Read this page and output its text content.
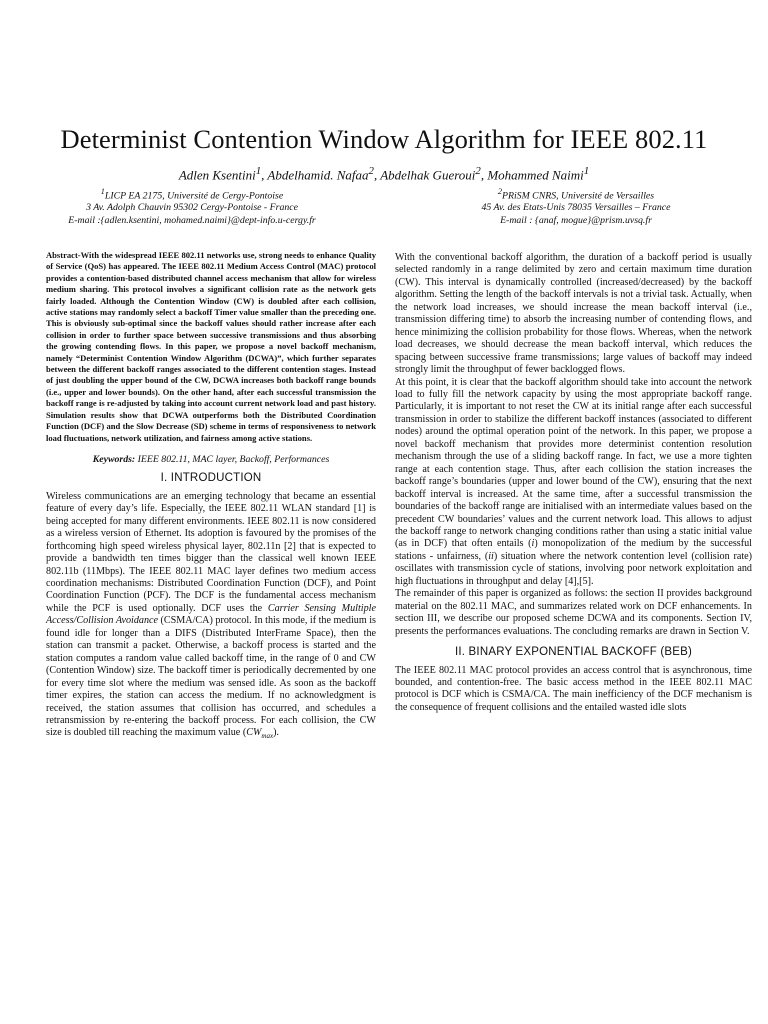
Determinist Contention Window Algorithm for IEEE 802.11
Adlen Ksentini$^1$, Abdelhamid. Nafaa$^2$, Abdelhak Gueroui$^2$, Mohammed Naimi$^1$
$^1$LICP EA 2175, Université de Cergy-Pontoise
3 Av. Adolph Chauvin 95302 Cergy-Pontoise - France
E-mail :{adlen.ksentini, mohamed.naimi}@dept-info.u-cergy.fr
$^2$PRiSM CNRS, Université de Versailles
45 Av. des Etats-Unis 78035 Versailles – France
E-mail : {anaf, mogue}@prism.uvsq.fr

Abstract-With the widespread IEEE 802.11 networks use, strong needs to enhance Quality of Service (QoS) has appeared. The IEEE 802.11 Medium Access Control (MAC) protocol provides a contention-based distributed channel access mechanism that allow for wireless medium sharing. This protocol involves a significant collision rate as the network gets fairly loaded. Although the Contention Window (CW) is doubled after each collision, active stations may randomly select a backoff Timer value smaller than the preceding one. This is obviously sub-optimal since the backoff values should rather increase after each collision in order to further space between successive transmissions and thus absorbing the growing contending flows. In this paper, we propose a novel backoff mechanism, namely “Determinist Contention Window Algorithm (DCWA)”, which further separates between the different backoff ranges associated to the different contention stages. Instead of just doubling the upper bound of the CW, DCWA increases both backoff range bounds (i.e., upper and lower bounds). On the other hand, after each successful transmission the backoff range is re-adjusted by taking into account current network load and past history. Simulation results show that DCWA outperforms both the Distributed Coordination Function (DCF) and the Slow Decrease (SD) scheme in terms of responsiveness to network load fluctuations, network utilization, and fairness among active stations.

Keywords: IEEE 802.11, MAC layer, Backoff, Performances
I. INTRODUCTION

Wireless communications are an emerging technology that became an essential feature of every day’s life. Especially, the IEEE 802.11 WLAN standard [1] is being accepted for many different environments. IEEE 802.11 is now considered as a wireless version of Ethernet. Its adoption is favoured by the promises of the forthcoming high speed wireless physical layer, 802.11n [2] that is expected to provide a bandwidth ten times bigger than the classical well known IEEE 802.11b (11Mbps). The IEEE 802.11 MAC layer defines two medium access coordination mechanisms: Distributed Coordination Function (DCF), and Point Coordination Function (PCF). The DCF is the fundamental access mechanism while the PCF is used optionally. DCF uses the Carrier Sensing Multiple Access/Collision Avoidance (CSMA/CA) protocol. In this mode, if the medium is found idle for longer than a DIFS (Distributed InterFrame Space), then the station can transmit a packet. Otherwise, a backoff process is started and the station computes a random value called backoff time, in the range of 0 and CW (Contention Window) size. The backoff timer is periodically decremented by one for every time slot where the medium was sensed idle. As soon as the backoff timer expires, the station can access the medium. If no acknowledgment is received, the station assumes that collision has occurred, and schedules a retransmission by re-entering the backoff process. For each collision, the CW size is doubled till reaching the maximum value $(CW_{max})$.

With the conventional backoff algorithm, the duration of a backoff period is usually selected randomly in a range delimited by zero and certain maximum time duration (CW). This interval is dynamically controlled (increased/decreased) by the backoff algorithm. Setting the length of the backoff intervals is not a trivial task. Actually, when the network load increases, we should increase the mean backoff interval (i.e., transmission differing time) to absorb the increasing number of contending flows, and hence minimizing the collision probability for those flows. Whereas, when the network load decreases, we should decrease the mean backoff interval, which reduces the spacing between successive frame transmissions; large values of backoff may indeed strongly limit the throughput of fewer backlogged flows.

At this point, it is clear that the backoff algorithm should take into account the network load to fully fill the network capacity by using the most appropriate backoff range. Particularly, it is important to not reset the CW at its initial range after each successful transmission in order to stabilize the different backoff instances (associated to different nodes) around the optimal operation point of the network. In this paper, we propose a novel backoff mechanism that provides more determinist contention resolution mechanism through the use of a sliding backoff range. In fact, we use a more tighten range at each contention stage. Thus, after each collision the station increases the backoff range’s boundaries (upper and lower bound of the CW), ensuring that the next backoff interval is increased. At the same time, after a successful transmission the boundaries of the backoff range are initialised with an intermediate values based on the precedent CW boundaries’ values and the current network load. This allows to adjust the backoff range to network changing conditions rather than using a static initial value (as in DCF) that often entails (i) monopolization of the medium by the successful stations - unfairness, (ii) situation where the network contention level (collision rate) oscillates with transmission cycle of stations, involving poor network exploitation and high fluctuations in throughput and delay [4],[5].

The remainder of this paper is organized as follows: the section II provides background material on the 802.11 MAC, and summarizes related work on DCF enhancements. In section III, we describe our proposed scheme DCWA and its components. Section IV, presents the performances evaluations. The concluding remarks are drawn in Section V.

II. BINARY EXPONENTIAL BACKOFF (BEB)

The IEEE 802.11 MAC protocol provides an access control that is asynchronous, time bounded, and contention-free. The basic access method in the IEEE 802.11 MAC protocol is DCF which is CSMA/CA. The main inefficiency of the DCF mechanism is the consequence of frequent collisions and the entailed wasted idle slots
